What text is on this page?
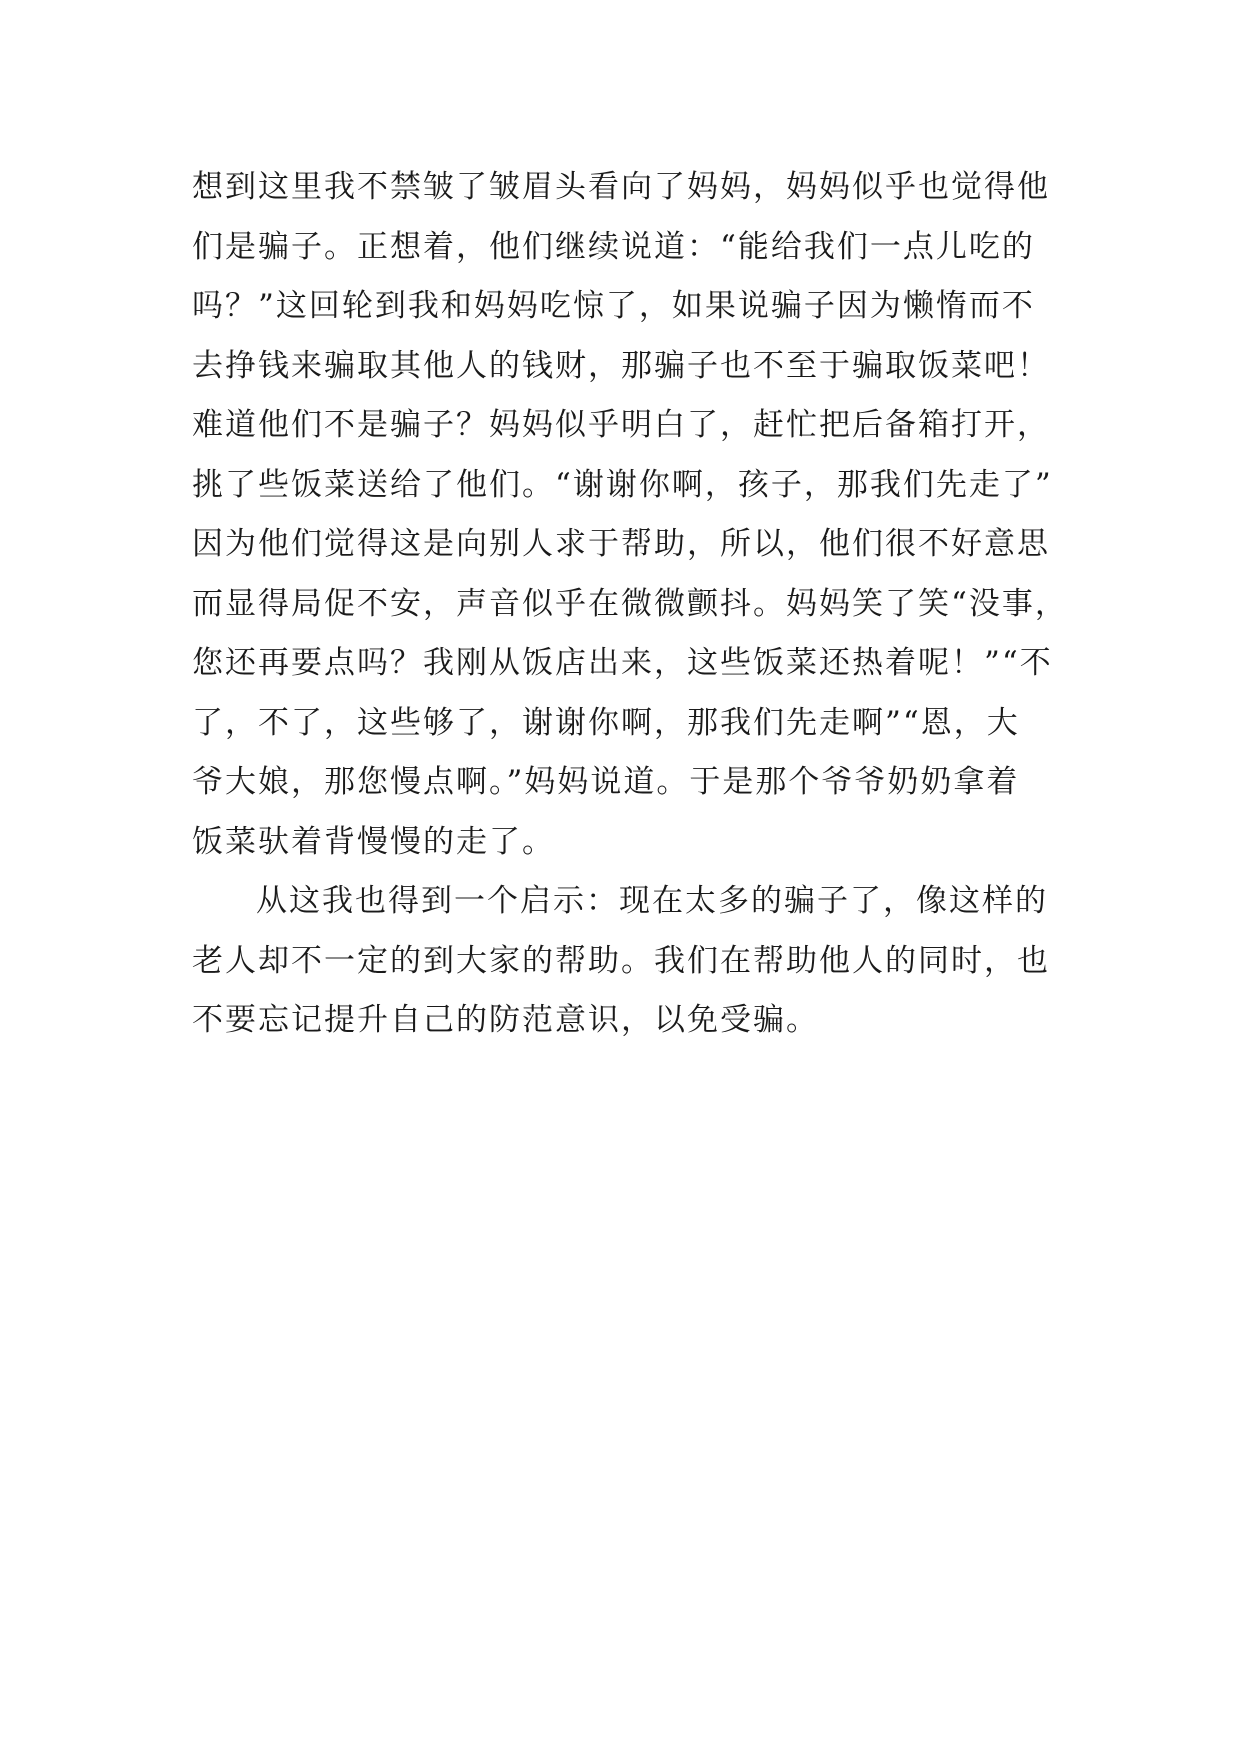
想到这里我不禁皱了皱眉头看向了妈妈，妈妈似乎也觉得他
们是骗子。正想着，他们继续说道：“能给我们一点儿吃的
吗？”这回轮到我和妈妈吃惊了，如果说骗子因为懒惰而不
去挣钱来骗取其他人的钱财，那骗子也不至于骗取饭菜吧！
难道他们不是骗子？妈妈似乎明白了，赶忙把后备箱打开，
挑了些饭菜送给了他们。“谢谢你啊，孩子，那我们先走了”
因为他们觉得这是向别人求于帮助，所以，他们很不好意思
而显得局促不安，声音似乎在微微颤抖。妈妈笑了笑“没事，
您还再要点吗？我刚从饭店出来，这些饭菜还热着呢！”“不
了，不了，这些够了，谢谢你啊，那我们先走啊”“恩，大
爷大娘，那您慢点啊。”妈妈说道。于是那个爷爷奶奶拿着
饭菜驮着背慢慢的走了。
从这我也得到一个启示：现在太多的骗子了，像这样的
老人却不一定的到大家的帮助。我们在帮助他人的同时，也
不要忘记提升自己的防范意识，以免受骗。
